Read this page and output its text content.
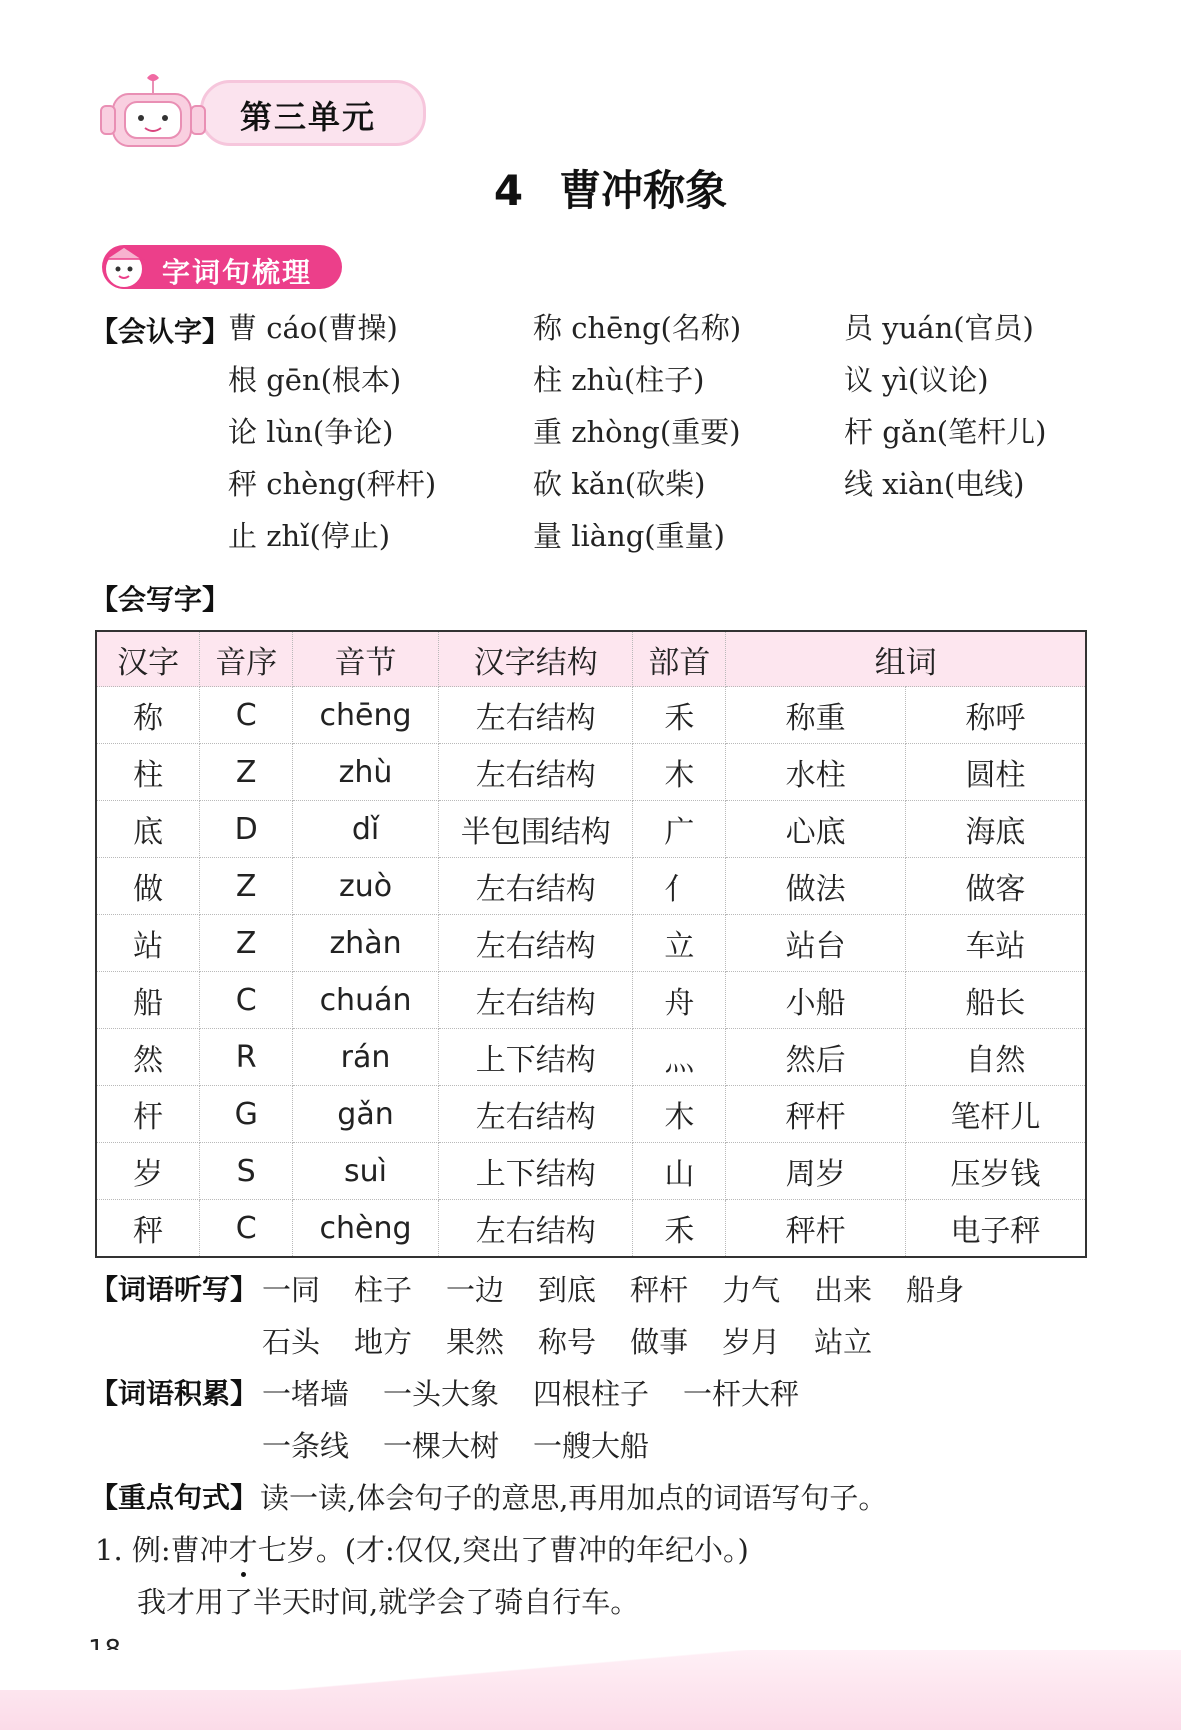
第三单元
4 曹冲称象
字词句梳理
【会认字】
曹 cáo(曹操)	称 chēng(名称)	员 yuán(官员)
根 gēn(根本)	柱 zhù(柱子)	议 yì(议论)
论 lùn(争论)	重 zhòng(重要)	杆 gǎn(笔杆儿)
秤 chèng(秤杆)	砍 kǎn(砍柴)	线 xiàn(电线)
止 zhǐ(停止)	量 liàng(重量)
【会写字】
汉字	音序	音节	汉字结构	部首	组词	
称	C	chēng	左右结构	禾	称重	称呼
柱	Z	zhù	左右结构	木	水柱	圆柱
底	D	dǐ	半包围结构	广	心底	海底
做	Z	zuò	左右结构	亻	做法	做客
站	Z	zhàn	左右结构	立	站台	车站
船	C	chuán	左右结构	舟	小船	船长
然	R	rán	上下结构	灬	然后	自然
杆	G	gǎn	左右结构	木	秤杆	笔杆儿
岁	S	suì	上下结构	山	周岁	压岁钱
秤	C	chèng	左右结构	禾	秤杆	电子秤
【词语听写】 一同 柱子 一边 到底 秤杆 力气 出来 船身
石头 地方 果然 称号 做事 岁月 站立
【词语积累】 一堵墙 一头大象 四根柱子 一杆大秤
一条线 一棵大树 一艘大船
【重点句式】 读一读,体会句子的意思,再用加点的词语写句子。
1. 例:曹冲才七岁。(才:仅仅,突出了曹冲的年纪小。)
我才用了半天时间,就学会了骑自行车。
